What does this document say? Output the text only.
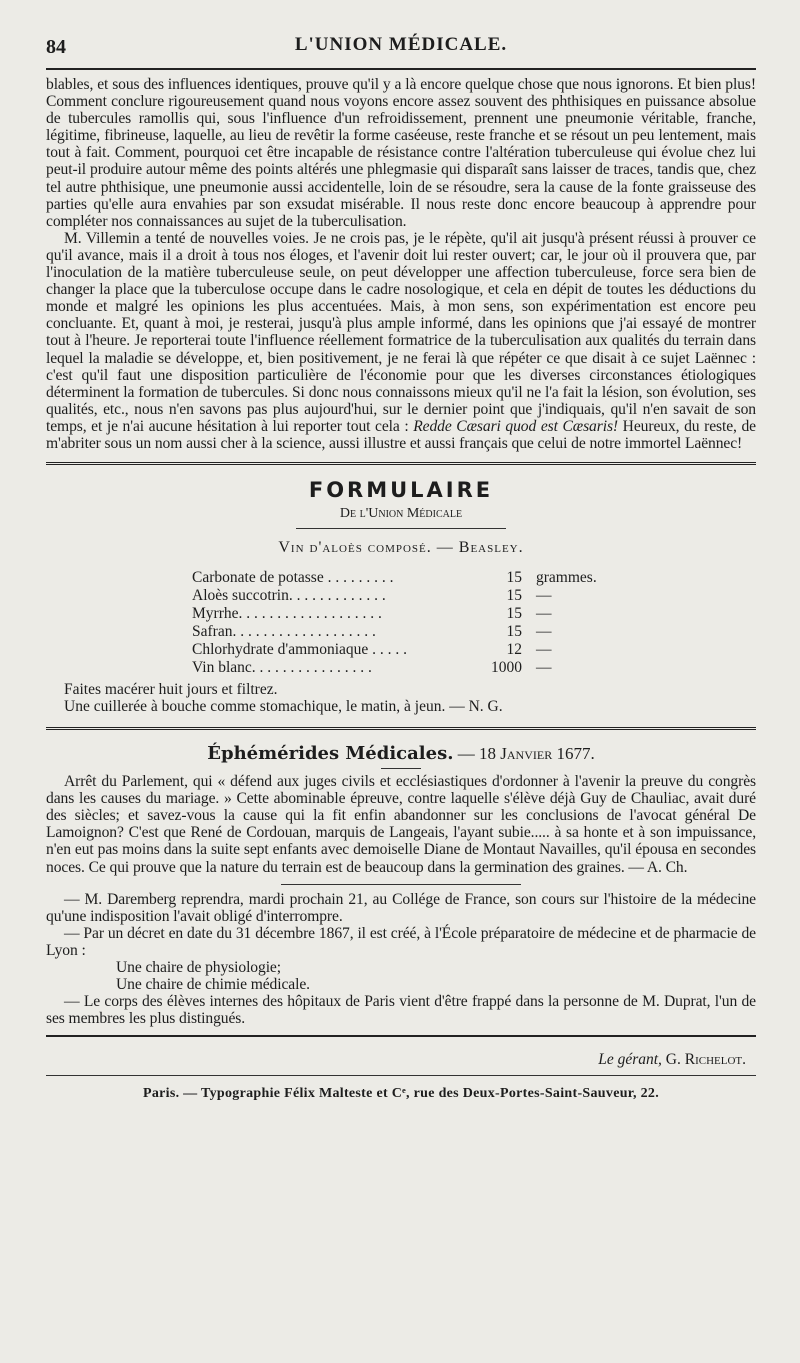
84	L'UNION MÉDICALE.

blables, et sous des influences identiques, prouve qu'il y a là encore quelque chose que nous ignorons. Et bien plus! Comment conclure rigoureusement quand nous voyons encore assez souvent des phthisiques en puissance absolue de tubercules ramollis qui, sous l'influence d'un refroidissement, prennent une pneumonie véritable, franche, légitime, fibrineuse, laquelle, au lieu de revêtir la forme caséeuse, reste franche et se résout un peu lentement, mais tout à fait. Comment, pourquoi cet être incapable de résistance contre l'altération tuberculeuse qui évolue chez lui peut-il produire autour même des points altérés une phlegmasie qui disparaît sans laisser de traces, tandis que, chez tel autre phthisique, une pneumonie aussi accidentelle, loin de se résoudre, sera la cause de la fonte graisseuse des parties qu'elle aura envahies par son exsudat misérable. Il nous reste donc encore beaucoup à apprendre pour compléter nos connaissances au sujet de la tuberculisation.

M. Villemin a tenté de nouvelles voies. Je ne crois pas, je le répète, qu'il ait jusqu'à présent réussi à prouver ce qu'il avance, mais il a droit à tous nos éloges, et l'avenir doit lui rester ouvert; car, le jour où il prouvera que, par l'inoculation de la matière tuberculeuse seule, on peut développer une affection tuberculeuse, force sera bien de changer la place que la tuberculose occupe dans le cadre nosologique, et cela en dépit de toutes les déductions du monde et malgré les opinions les plus accentuées. Mais, à mon sens, son expérimentation est encore peu concluante. Et, quant à moi, je resterai, jusqu'à plus ample informé, dans les opinions que j'ai essayé de montrer tout à l'heure. Je reporterai toute l'influence réellement formatrice de la tuberculisation aux qualités du terrain dans lequel la maladie se développe, et, bien positivement, je ne ferai là que répéter ce que disait à ce sujet Laënnec : c'est qu'il faut une disposition particulière de l'économie pour que les diverses circonstances étiologiques déterminent la formation de tubercules. Si donc nous connaissons mieux qu'il ne l'a fait la lésion, son évolution, ses qualités, etc., nous n'en savons pas plus aujourd'hui, sur le dernier point que j'indiquais, qu'il n'en savait de son temps, et je n'ai aucune hésitation à lui reporter tout cela : Redde Cæsari quod est Cæsaris! Heureux, du reste, de m'abriter sous un nom aussi cher à la science, aussi illustre et aussi français que celui de notre immortel Laënnec!

FORMULAIRE
De l'Union Médicale
Vin d'aloès composé. — Beasley.
Carbonate de potasse . . . . . . . . .	15	grammes.
Aloès succotrin. . . . . . . . . . . . .	15	—
Myrrhe. . . . . . . . . . . . . . . . . . .	15	—
Safran. . . . . . . . . . . . . . . . . . .	15	—
Chlorhydrate d'ammoniaque . . . . .	12	—
Vin blanc. . . . . . . . . . . . . . . .	1000	—

Faites macérer huit jours et filtrez.

Une cuillerée à bouche comme stomachique, le matin, à jeun. — N. G.

Éphémérides Médicales. — 18 Janvier 1677.

Arrêt du Parlement, qui « défend aux juges civils et ecclésiastiques d'ordonner à l'avenir la preuve du congrès dans les causes du mariage. » Cette abominable épreuve, contre laquelle s'élève déjà Guy de Chauliac, avait duré des siècles; et savez-vous la cause qui la fit enfin abandonner sur les conclusions de l'avocat général De Lamoignon? C'est que René de Cordouan, marquis de Langeais, l'ayant subie..... à sa honte et à son impuissance, n'en eut pas moins dans la suite sept enfants avec demoiselle Diane de Montaut Navailles, qu'il épousa en secondes noces. Ce qui prouve que la nature du terrain est de beaucoup dans la germination des graines. — A. Ch.

— M. Daremberg reprendra, mardi prochain 21, au Collége de France, son cours sur l'histoire de la médecine qu'une indisposition l'avait obligé d'interrompre.

— Par un décret en date du 31 décembre 1867, il est créé, à l'École préparatoire de médecine et de pharmacie de Lyon :

Une chaire de physiologie;

Une chaire de chimie médicale.

— Le corps des élèves internes des hôpitaux de Paris vient d'être frappé dans la personne de M. Duprat, l'un de ses membres les plus distingués.

Le gérant, G. Richelot.
Paris. — Typographie Félix Malteste et Cᵉ, rue des Deux-Portes-Saint-Sauveur, 22.
